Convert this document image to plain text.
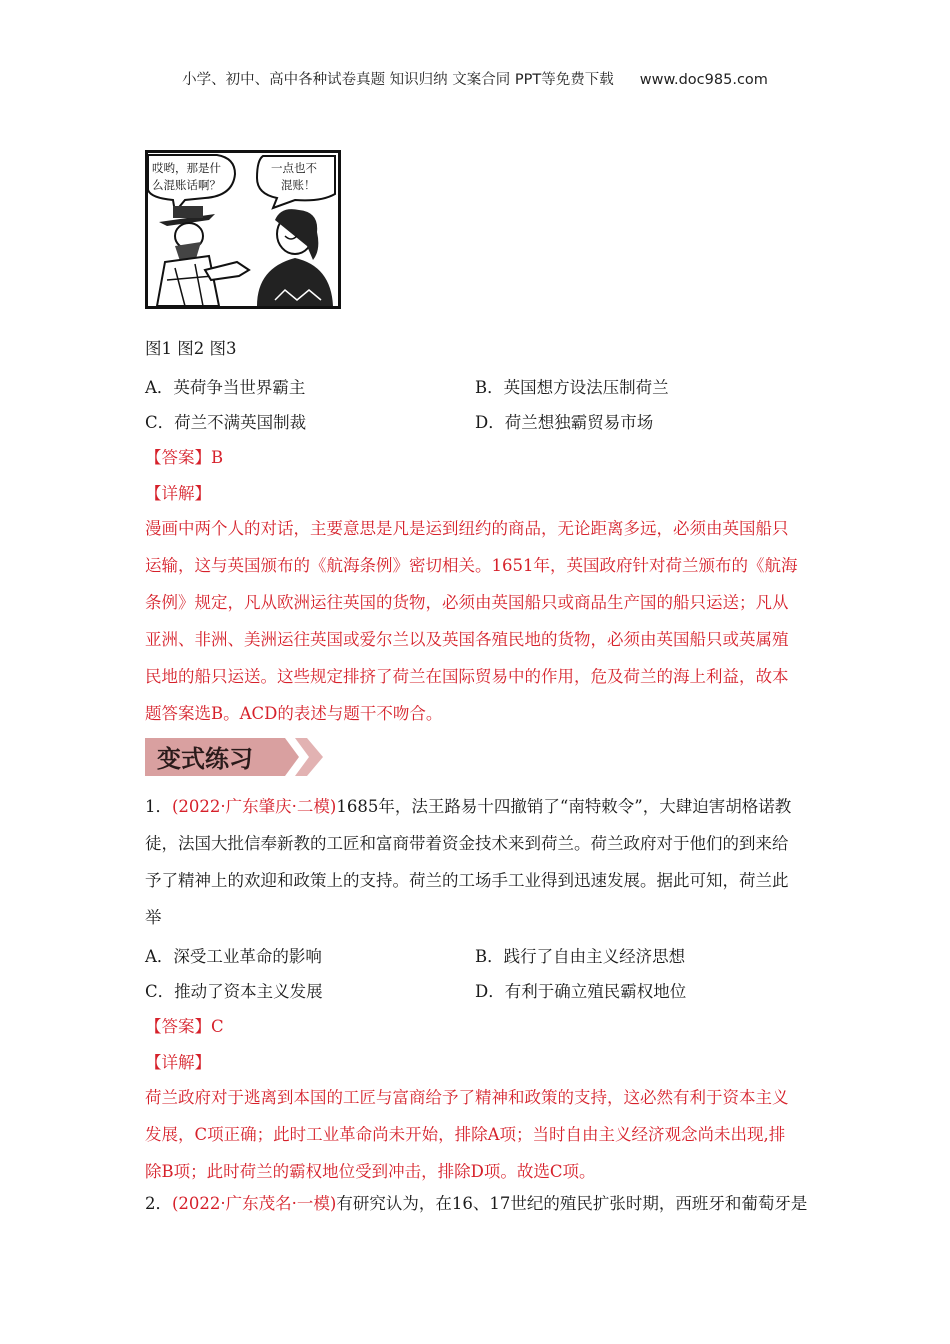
小学、初中、高中各种试卷真题 知识归纳 文案合同 PPT等免费下载 www.doc985.com
哎哟，那是什
么混账话啊？
一点也不
混账！
图1 图2 图3
A．英荷争当世界霸主	B．英国想方设法压制荷兰
C．荷兰不满英国制裁	D．荷兰想独霸贸易市场
【答案】B
【详解】
漫画中两个人的对话，主要意思是凡是运到纽约的商品，无论距离多远，必须由英国船只
运输，这与英国颁布的《航海条例》密切相关。1651年，英国政府针对荷兰颁布的《航海
条例》规定，凡从欧洲运往英国的货物，必须由英国船只或商品生产国的船只运送；凡从
亚洲、非洲、美洲运往英国或爱尔兰以及英国各殖民地的货物，必须由英国船只或英属殖
民地的船只运送。这些规定排挤了荷兰在国际贸易中的作用，危及荷兰的海上利益，故本
题答案选B。ACD的表述与题干不吻合。
变式练习
1．(2022·广东肇庆·二模)1685年，法王路易十四撤销了“南特敕令”，大肆迫害胡格诺教
徒，法国大批信奉新教的工匠和富商带着资金技术来到荷兰。荷兰政府对于他们的到来给
予了精神上的欢迎和政策上的支持。荷兰的工场手工业得到迅速发展。据此可知，荷兰此
举
A．深受工业革命的影响	B．践行了自由主义经济思想
C．推动了资本主义发展	D．有利于确立殖民霸权地位
【答案】C
【详解】
荷兰政府对于逃离到本国的工匠与富商给予了精神和政策的支持，这必然有利于资本主义
发展，C项正确；此时工业革命尚未开始，排除A项；当时自由主义经济观念尚未出现,排
除B项；此时荷兰的霸权地位受到冲击，排除D项。故选C项。
2．(2022·广东茂名·一模)有研究认为，在16、17世纪的殖民扩张时期，西班牙和葡萄牙是
